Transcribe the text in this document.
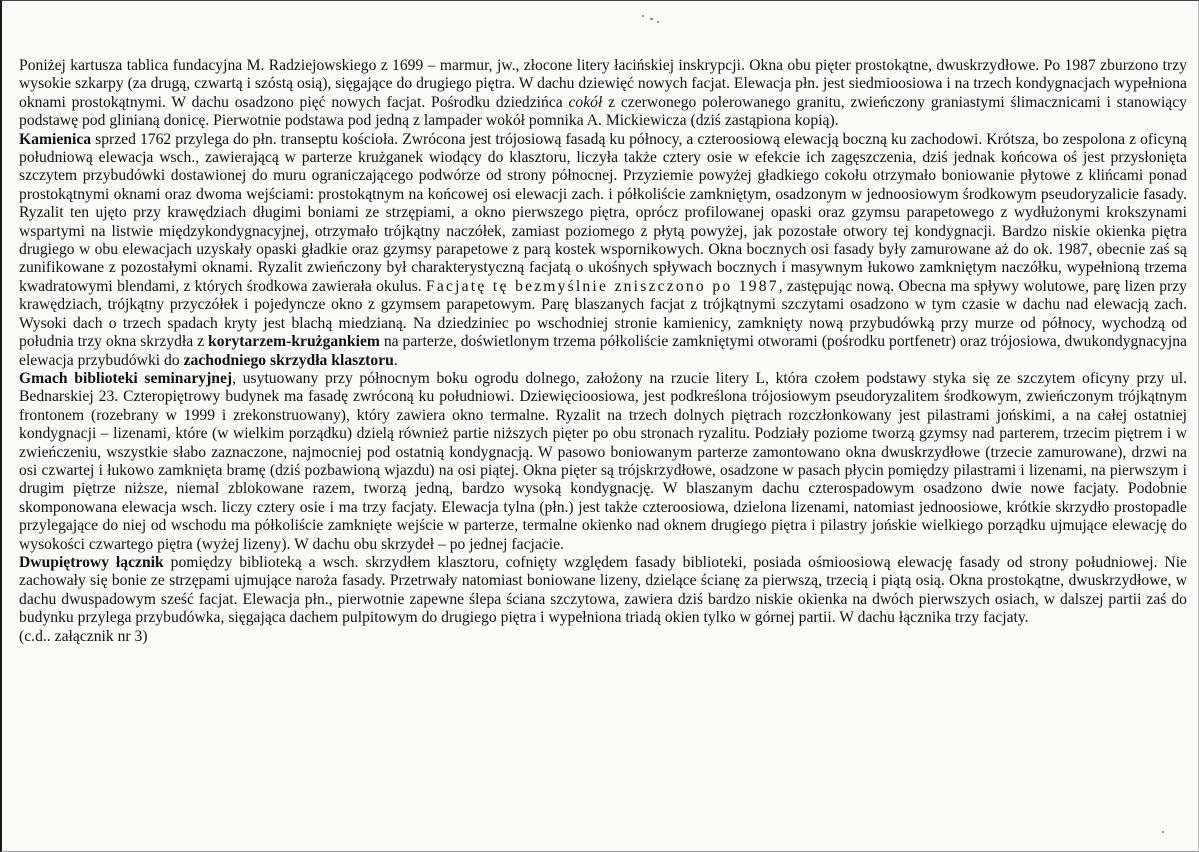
Poniżej kartusza tablica fundacyjna M. Radziejowskiego z 1699 – marmur, jw., złocone litery łacińskiej inskrypcji. Okna obu pięter prostokątne, dwuskrzydłowe. Po 1987 zburzono trzy wysokie szkarpy (za drugą, czwartą i szóstą osią), sięgające do drugiego piętra. W dachu dziewięć nowych facjat. Elewacja płn. jest siedmioosiowa i na trzech kondygnacjach wypełniona oknami prostokątnymi. W dachu osadzono pięć nowych facjat. Pośrodku dziedzińca cokół z czerwonego polerowanego granitu, zwieńczony graniastymi ślimacznicami i stanowiący podstawę pod glinianą donicę. Pierwotnie podstawa pod jedną z lampader wokół pomnika A. Mickiewicza (dziś zastąpiona kopią).

Kamienica sprzed 1762 przylega do płn. transeptu kościoła. Zwrócona jest trójosiową fasadą ku północy, a czteroosiową elewacją boczną ku zachodowi. Krótsza, bo zespolona z oficyną południową elewacja wsch., zawierającą w parterze krużganek wiodący do klasztoru, liczyła także cztery osie w efekcie ich zagęszczenia, dziś jednak końcowa oś jest przysłonięta szczytem przybudówki dostawionej do muru ograniczającego podwórze od strony północnej. Przyziemie powyżej gładkiego cokołu otrzymało boniowanie płytowe z klińcami ponad prostokątnymi oknami oraz dwoma wejściami: prostokątnym na końcowej osi elewacji zach. i półkoliście zamkniętym, osadzonym w jednoosiowym środkowym pseudoryzalicie fasady. Ryzalit ten ujęto przy krawędziach długimi boniami ze strzępiami, a okno pierwszego piętra, oprócz profilowanej opaski oraz gzymsu parapetowego z wydłużonymi krokszynami wspartymi na listwie międzykondygnacyjnej, otrzymało trójkątny naczółek, zamiast poziomego z płytą powyżej, jak pozostałe otwory tej kondygnacji. Bardzo niskie okienka piętra drugiego w obu elewacjach uzyskały opaski gładkie oraz gzymsy parapetowe z parą kostek wspornikowych. Okna bocznych osi fasady były zamurowane aż do ok. 1987, obecnie zaś są zunifikowane z pozostałymi oknami. Ryzalit zwieńczony był charakterystyczną facjatą o ukośnych spływach bocznych i masywnym łukowo zamkniętym naczółku, wypełnioną trzema kwadratowymi blendami, z których środkowa zawierała okulus. Facjatę tę bezmyślnie zniszczono po 1987, zastępując nową. Obecna ma spływy wolutowe, parę lizen przy krawędziach, trójkątny przyczółek i pojedyncze okno z gzymsem parapetowym. Parę blaszanych facjat z trójkątnymi szczytami osadzono w tym czasie w dachu nad elewacją zach. Wysoki dach o trzech spadach kryty jest blachą miedzianą. Na dziedziniec po wschodniej stronie kamienicy, zamknięty nową przybudówką przy murze od północy, wychodzą od południa trzy okna skrzydła z korytarzem-krużgankiem na parterze, doświetlonym trzema półkoliście zamkniętymi otworami (pośrodku portfenetr) oraz trójosiowa, dwukondygnacyjna elewacja przybudówki do zachodniego skrzydła klasztoru.

Gmach biblioteki seminaryjnej, usytuowany przy północnym boku ogrodu dolnego, założony na rzucie litery L, która czołem podstawy styka się ze szczytem oficyny przy ul. Bednarskiej 23. Czteropiętrowy budynek ma fasadę zwróconą ku południowi. Dziewięcioosiowa, jest podkreślona trójosiowym pseudoryzalitem środkowym, zwieńczonym trójkątnym frontonem (rozebrany w 1999 i zrekonstruowany), który zawiera okno termalne. Ryzalit na trzech dolnych piętrach rozczłonkowany jest pilastrami jońskimi, a na całej ostatniej kondygnacji – lizenami, które (w wielkim porządku) dzielą również partie niższych pięter po obu stronach ryzalitu. Podziały poziome tworzą gzymsy nad parterem, trzecim piętrem i w zwieńczeniu, wszystkie słabo zaznaczone, najmocniej pod ostatnią kondygnacją. W pasowo boniowanym parterze zamontowano okna dwuskrzydłowe (trzecie zamurowane), drzwi na osi czwartej i łukowo zamknięta bramę (dziś pozbawioną wjazdu) na osi piątej. Okna pięter są trójskrzydłowe, osadzone w pasach płycin pomiędzy pilastrami i lizenami, na pierwszym i drugim piętrze niższe, niemal zblokowane razem, tworzą jedną, bardzo wysoką kondygnację. W blaszanym dachu czterospadowym osadzono dwie nowe facjaty. Podobnie skomponowana elewacja wsch. liczy cztery osie i ma trzy facjaty. Elewacja tylna (płn.) jest także czteroosiowa, dzielona lizenami, natomiast jednoosiowe, krótkie skrzydło prostopadle przylegające do niej od wschodu ma półkoliście zamknięte wejście w parterze, termalne okienko nad oknem drugiego piętra i pilastry jońskie wielkiego porządku ujmujące elewację do wysokości czwartego piętra (wyżej lizeny). W dachu obu skrzydeł – po jednej facjacie.

Dwupiętrowy łącznik pomiędzy biblioteką a wsch. skrzydłem klasztoru, cofnięty względem fasady biblioteki, posiada ośmioosiową elewację fasady od strony południowej. Nie zachowały się bonie ze strzępami ujmujące naroża fasady. Przetrwały natomiast boniowane lizeny, dzielące ścianę za pierwszą, trzecią i piątą osią. Okna prostokątne, dwuskrzydłowe, w dachu dwuspadowym sześć facjat. Elewacja płn., pierwotnie zapewne ślepa ściana szczytowa, zawiera dziś bardzo niskie okienka na dwóch pierwszych osiach, w dalszej partii zaś do budynku przylega przybudówka, sięgająca dachem pulpitowym do drugiego piętra i wypełniona triadą okien tylko w górnej partii. W dachu łącznika trzy facjaty.

(c.d.. załącznik nr 3)
